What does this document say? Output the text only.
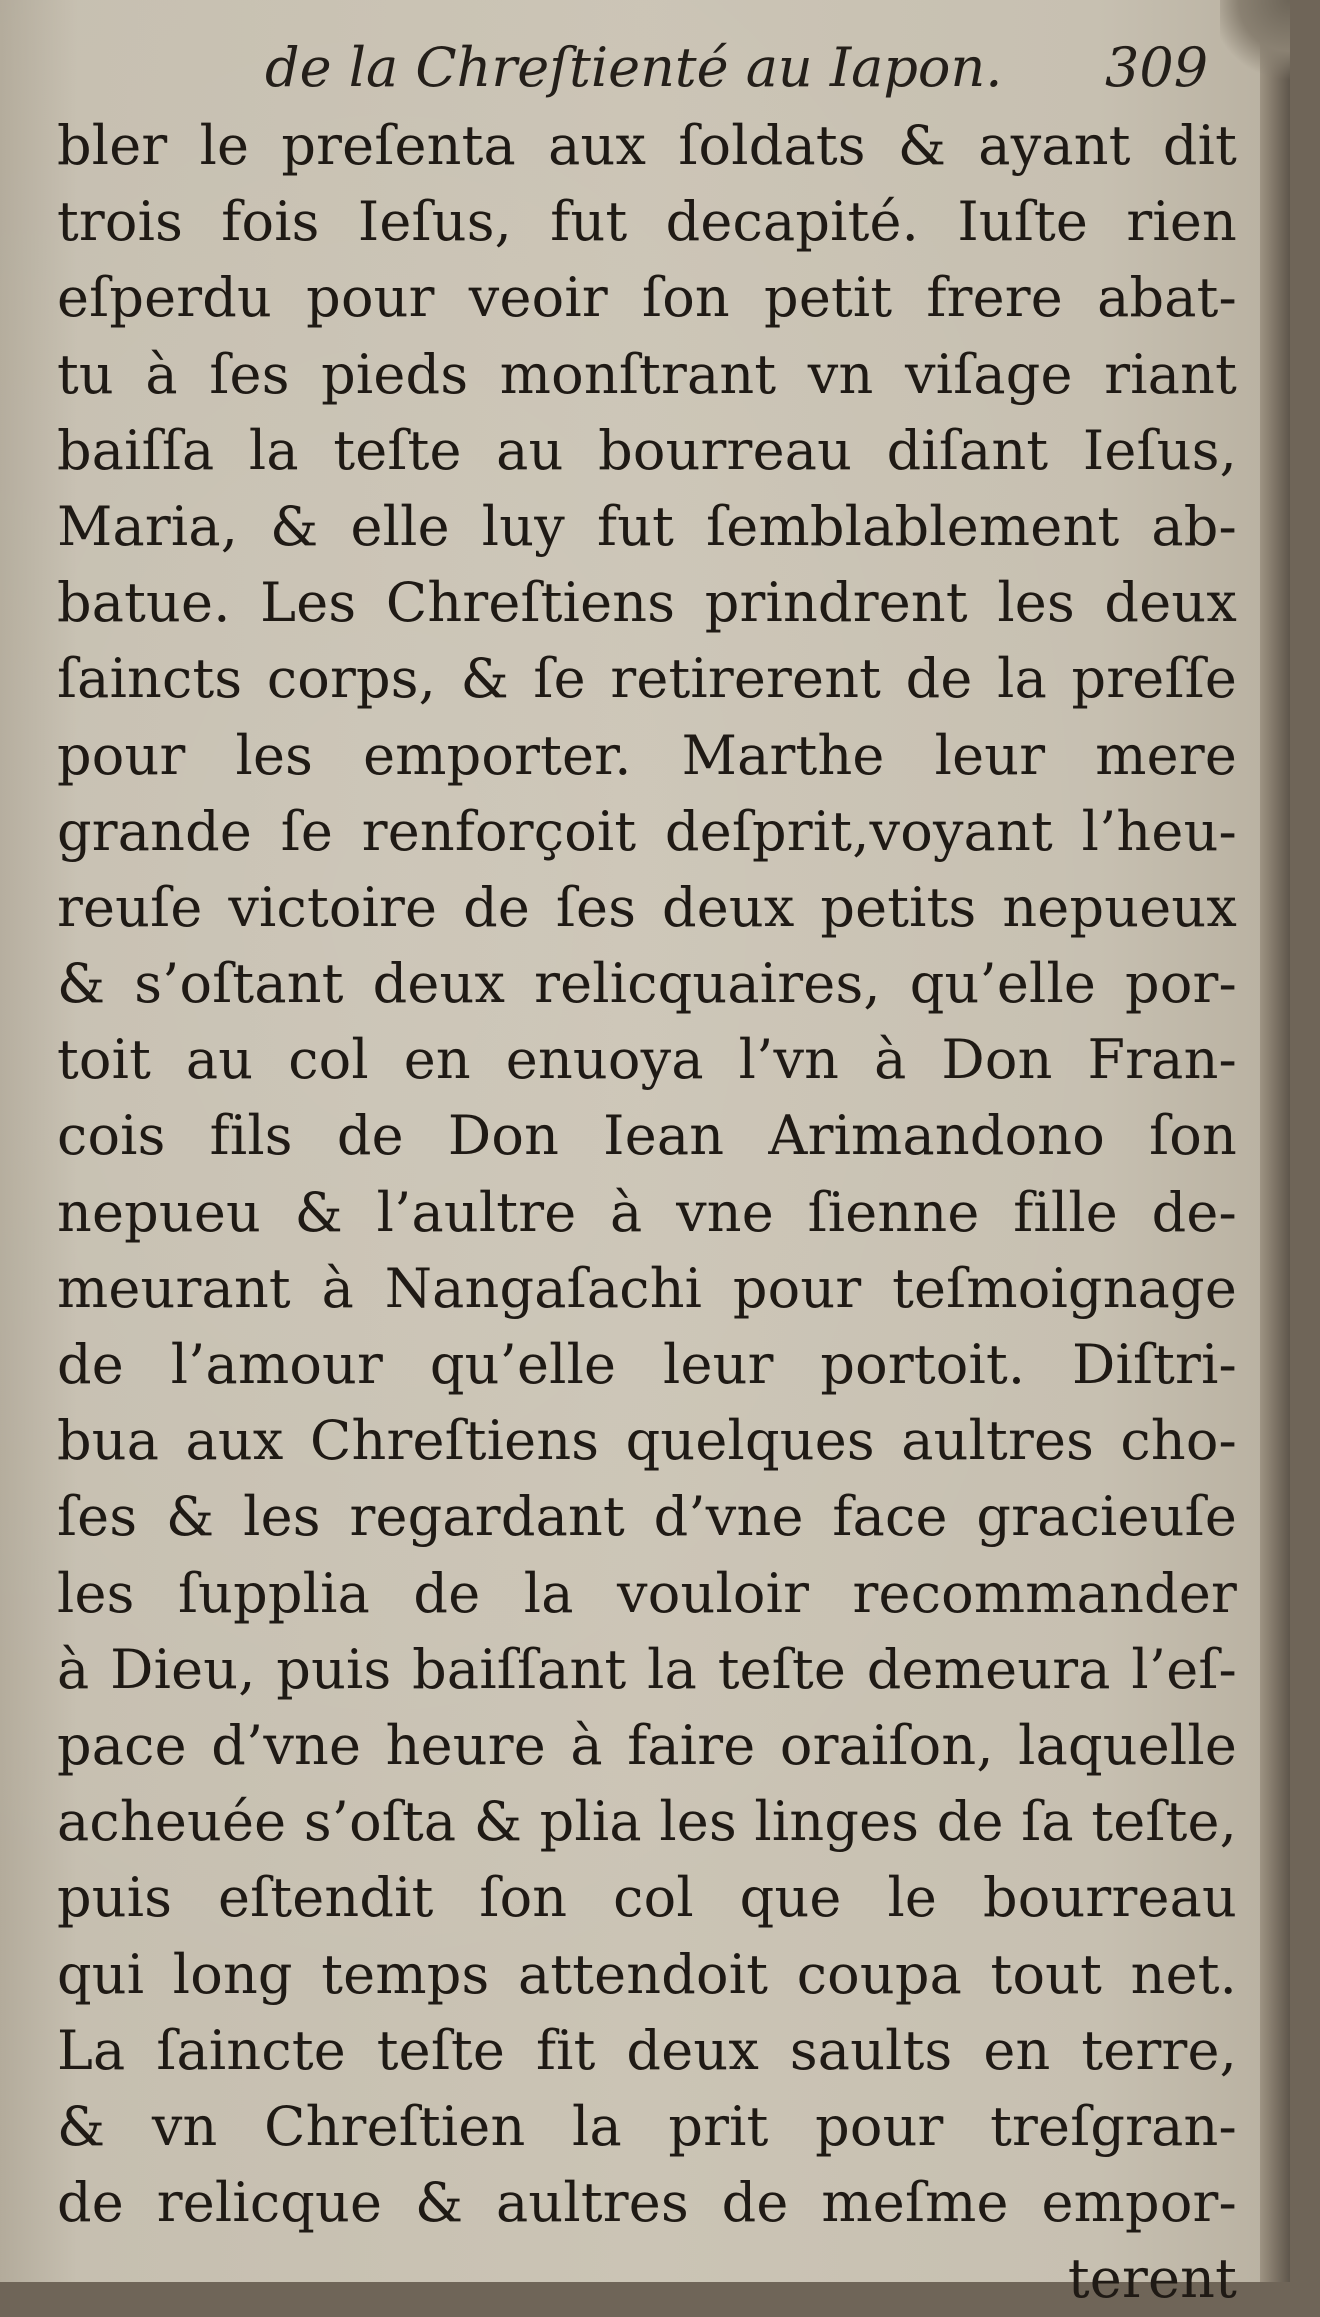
de la Chreſtienté au Iapon. 309
bler le preſenta aux ſoldats & ayant dit
trois fois Ieſus, fut decapité. Iuſte rien
eſperdu pour veoir ſon petit frere abat-
tu à ſes pieds monſtrant vn viſage riant
baiſſa la teſte au bourreau diſant Ieſus,
Maria, & elle luy fut ſemblablement ab-
batue. Les Chreſtiens prindrent les deux
ſaincts corps, & ſe retirerent de la preſſe
pour les emporter. Marthe leur mere
grande ſe renforçoit deſprit,voyant l’heu-
reuſe victoire de ſes deux petits nepueux
& s’oſtant deux relicquaires, qu’elle por-
toit au col en enuoya l’vn à Don Fran-
cois fils de Don Iean Arimandono ſon
nepueu & l’aultre à vne ſienne fille de-
meurant à Nangaſachi pour teſmoignage
de l’amour qu’elle leur portoit. Diſtri-
bua aux Chreſtiens quelques aultres cho-
ſes & les regardant d’vne face gracieuſe
les ſupplia de la vouloir recommander
à Dieu, puis baiſſant la teſte demeura l’eſ-
pace d’vne heure à faire oraiſon, laquelle
acheuée s’oſta & plia les linges de ſa teſte,
puis eſtendit ſon col que le bourreau
qui long temps attendoit coupa tout net.
La ſaincte teſte fit deux saults en terre,
& vn Chreſtien la prit pour treſgran-
de relicque & aultres de meſme empor-
terent
